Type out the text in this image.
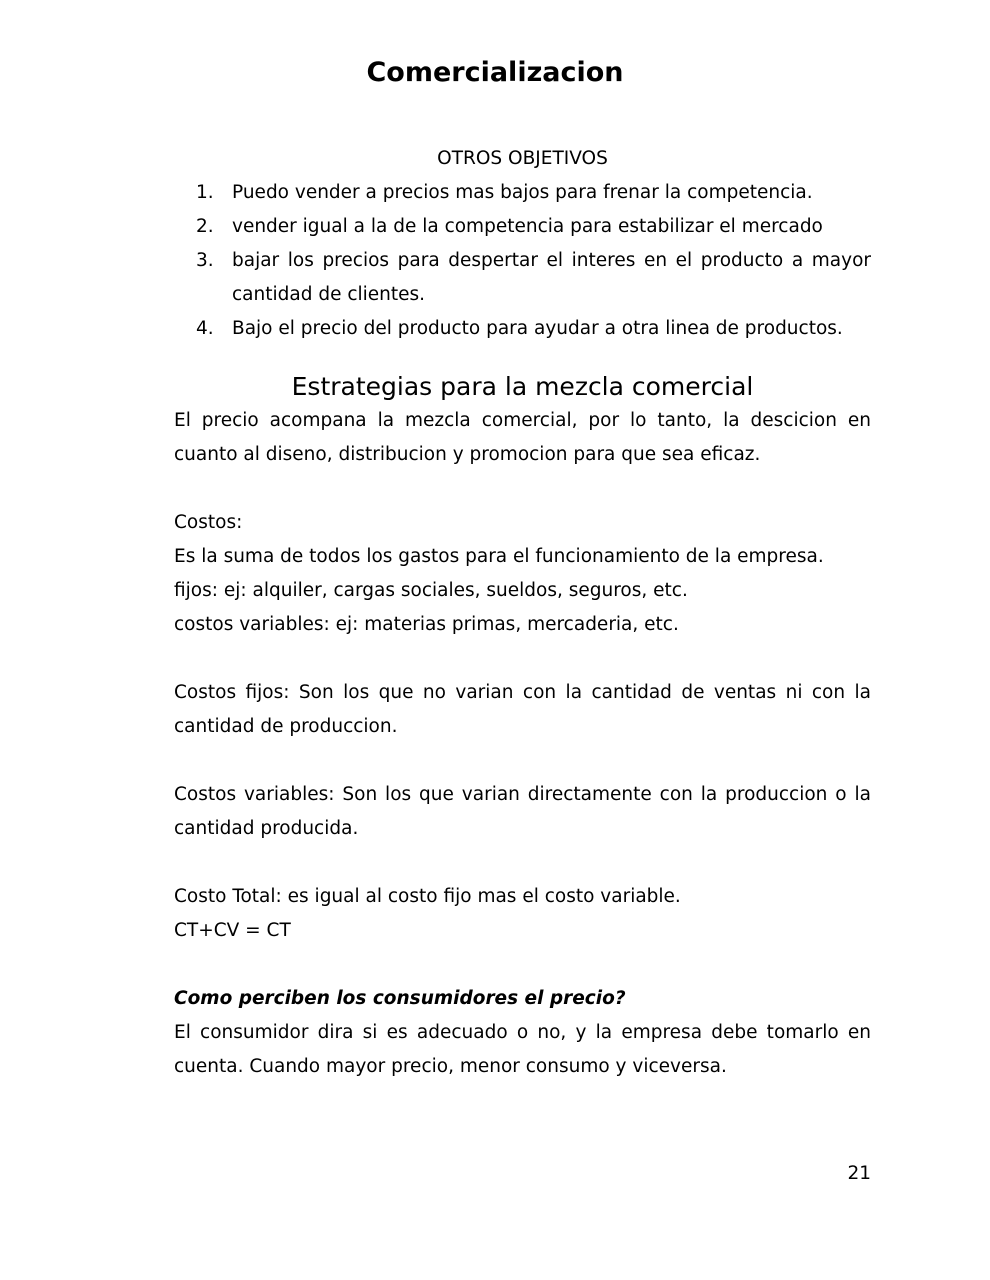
Comercializacion
OTROS OBJETIVOS
1. Puedo vender a precios mas bajos para frenar la competencia.
2. vender igual a la de la competencia para estabilizar el mercado
3. bajar los precios para despertar el interes en el producto a mayor cantidad de clientes.
4. Bajo el precio del producto para ayudar a otra linea de productos.
Estrategias para la mezcla comercial

El precio acompana la mezcla comercial, por lo tanto, la descicion en cuanto al diseno, distribucion y promocion para que sea eficaz.

Costos:

Es la suma de todos los gastos para el funcionamiento de la empresa.

fijos: ej: alquiler, cargas sociales, sueldos, seguros, etc.

costos variables: ej: materias primas, mercaderia, etc.

Costos fijos: Son los que no varian con la cantidad de ventas ni con la cantidad de produccion.

Costos variables: Son los que varian directamente con la produccion o la cantidad producida.

Costo Total: es igual al costo fijo mas el costo variable.

CT+CV = CT

Como perciben los consumidores el precio?

El consumidor dira si es adecuado o no, y la empresa debe tomarlo en cuenta. Cuando mayor precio, menor consumo y viceversa.

21
